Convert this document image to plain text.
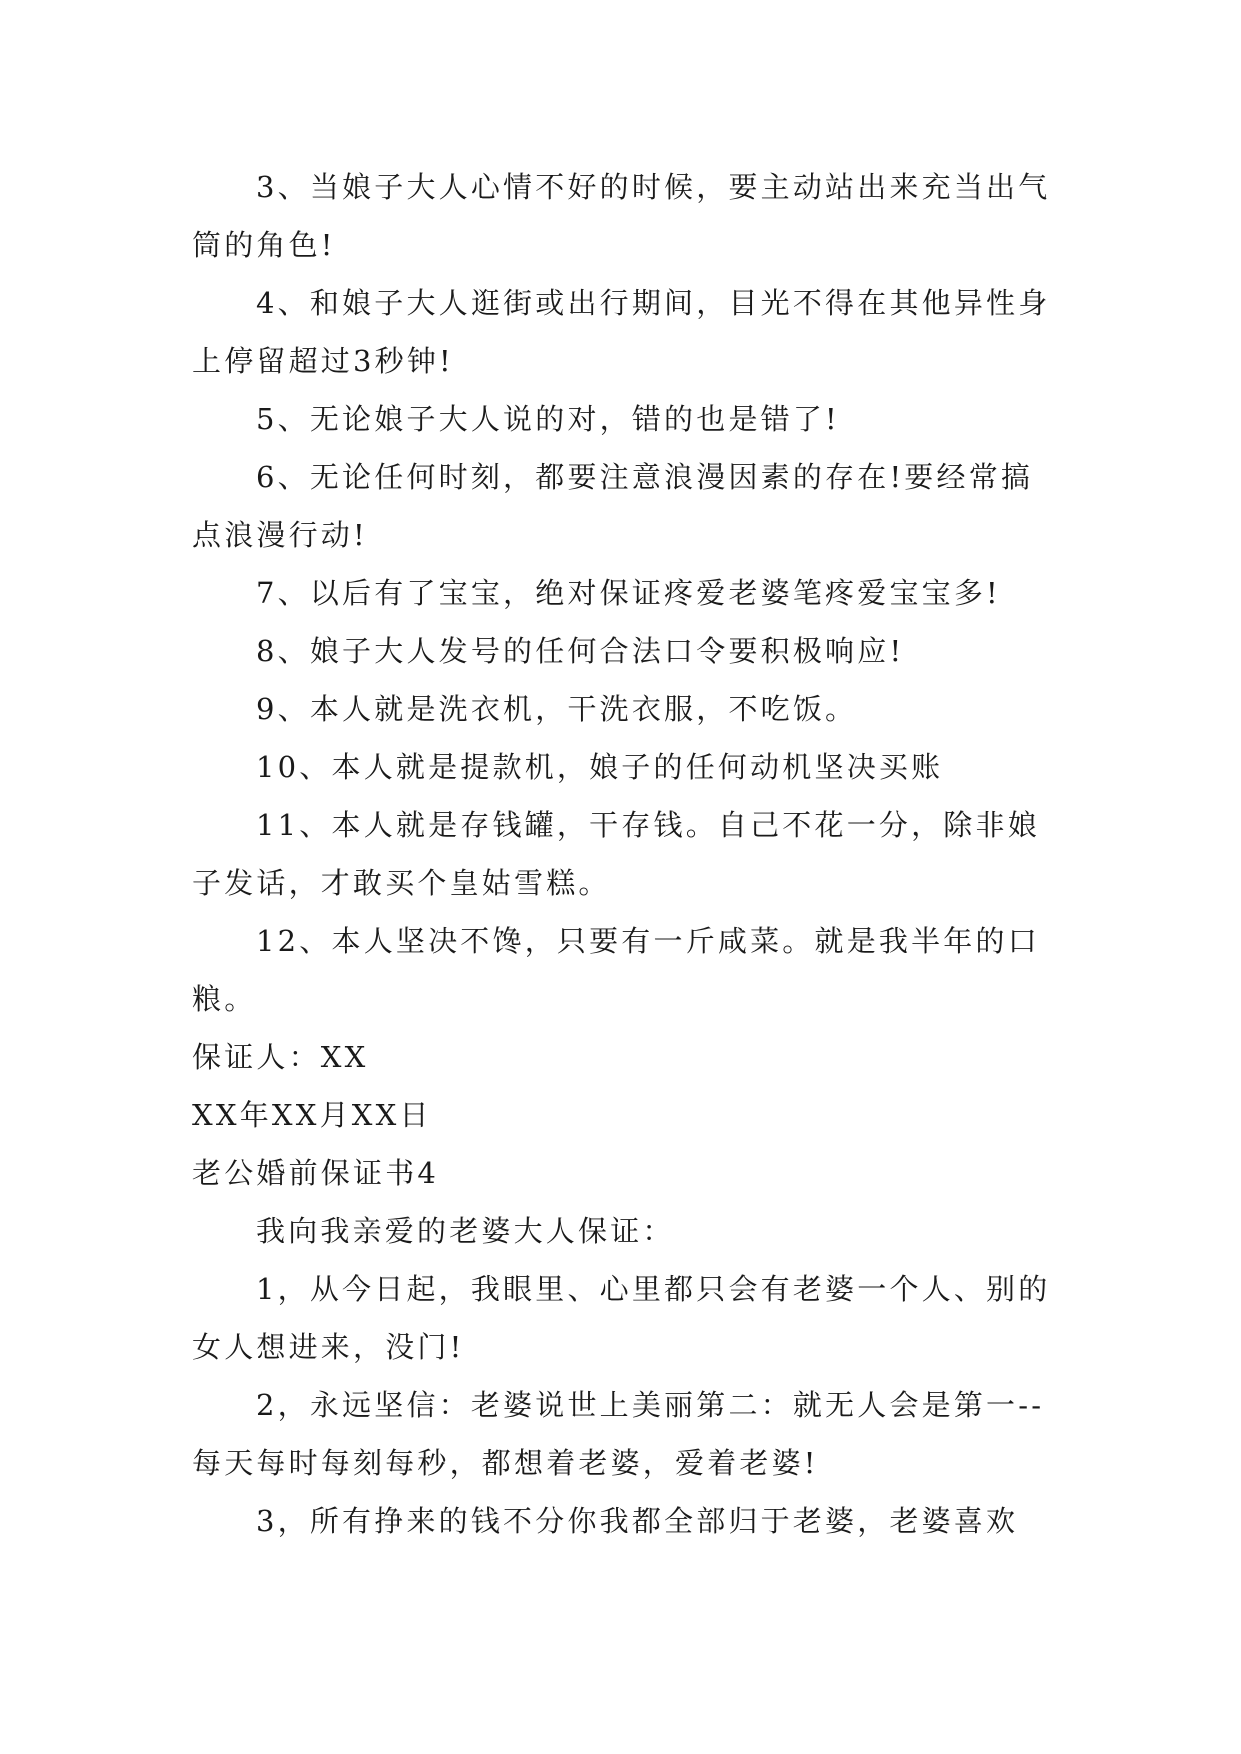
3、当娘子大人心情不好的时候，要主动站出来充当出气筒的角色!

4、和娘子大人逛街或出行期间，目光不得在其他异性身上停留超过3秒钟!

5、无论娘子大人说的对，错的也是错了!

6、无论任何时刻，都要注意浪漫因素的存在!要经常搞点浪漫行动!

7、以后有了宝宝，绝对保证疼爱老婆笔疼爱宝宝多!

8、娘子大人发号的任何合法口令要积极响应!

9、本人就是洗衣机，干洗衣服，不吃饭。

10、本人就是提款机，娘子的任何动机坚决买账

11、本人就是存钱罐，干存钱。自己不花一分，除非娘子发话，才敢买个皇姑雪糕。

12、本人坚决不馋，只要有一斤咸菜。就是我半年的口粮。

保证人：XX

XX年XX月XX日

老公婚前保证书4

我向我亲爱的老婆大人保证：

1，从今日起，我眼里、心里都只会有老婆一个人、别的女人想进来，没门!

2，永远坚信：老婆说世上美丽第二：就无人会是第一--每天每时每刻每秒，都想着老婆，爱着老婆!

3，所有挣来的钱不分你我都全部归于老婆，老婆喜欢
